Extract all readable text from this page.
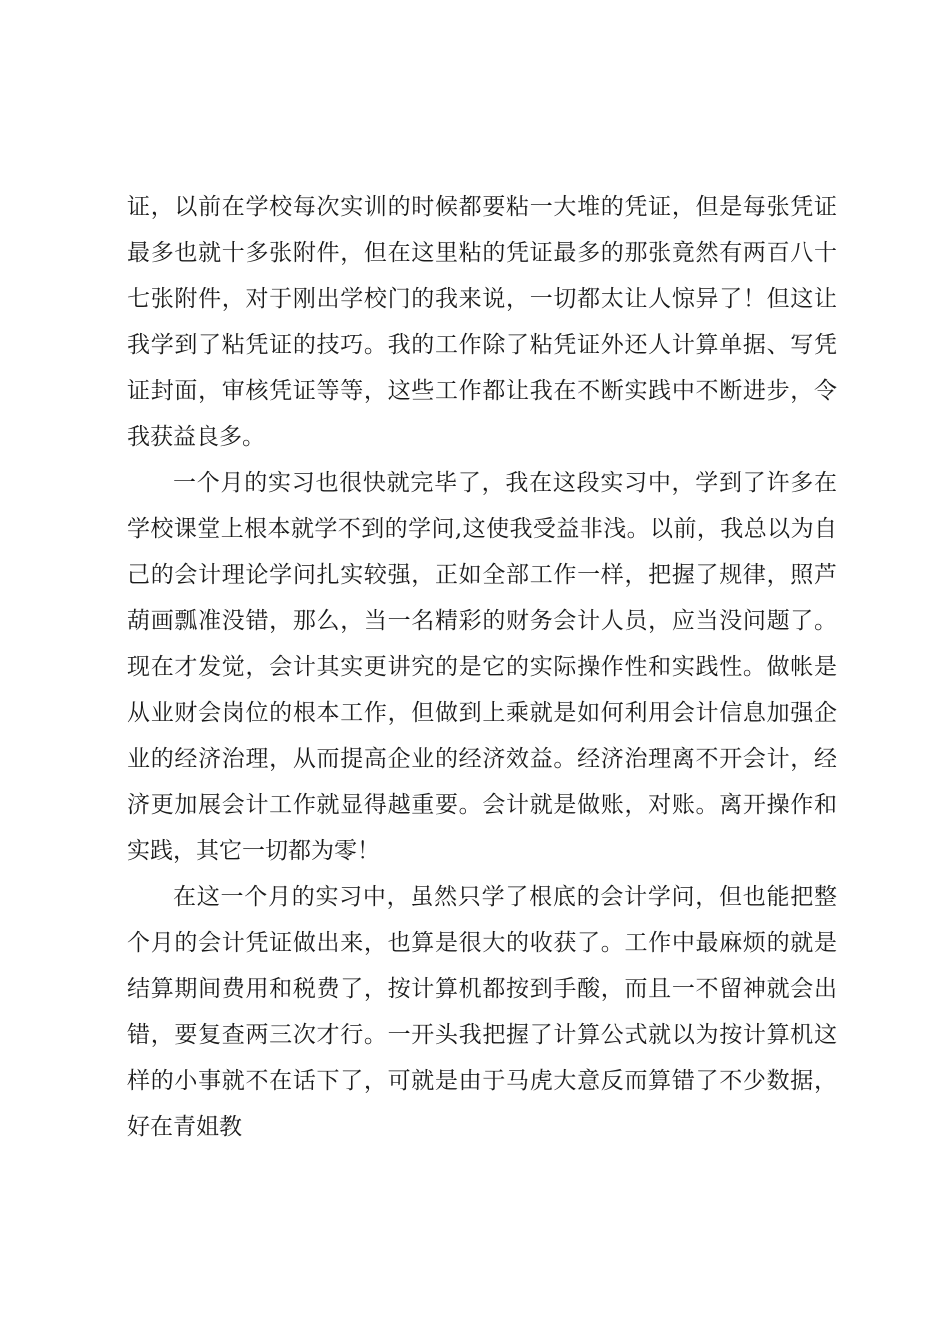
证，以前在学校每次实训的时候都要粘一大堆的凭证，但是每张凭证最多也就十多张附件，但在这里粘的凭证最多的那张竟然有两百八十七张附件，对于刚出学校门的我来说，一切都太让人惊异了！但这让我学到了粘凭证的技巧。我的工作除了粘凭证外还人计算单据、写凭证封面，审核凭证等等，这些工作都让我在不断实践中不断进步，令我获益良多。

一个月的实习也很快就完毕了，我在这段实习中，学到了许多在学校课堂上根本就学不到的学问,这使我受益非浅。以前，我总以为自己的会计理论学问扎实较强，正如全部工作一样，把握了规律，照芦葫画瓢准没错，那么，当一名精彩的财务会计人员，应当没问题了。现在才发觉，会计其实更讲究的是它的实际操作性和实践性。做帐是从业财会岗位的根本工作，但做到上乘就是如何利用会计信息加强企业的经济治理，从而提高企业的经济效益。经济治理离不开会计，经济更加展会计工作就显得越重要。会计就是做账，对账。离开操作和实践，其它一切都为零！

在这一个月的实习中，虽然只学了根底的会计学问，但也能把整个月的会计凭证做出来，也算是很大的收获了。工作中最麻烦的就是结算期间费用和税费了，按计算机都按到手酸，而且一不留神就会出错，要复查两三次才行。一开头我把握了计算公式就以为按计算机这样的小事就不在话下了，可就是由于马虎大意反而算错了不少数据，好在青姐教
